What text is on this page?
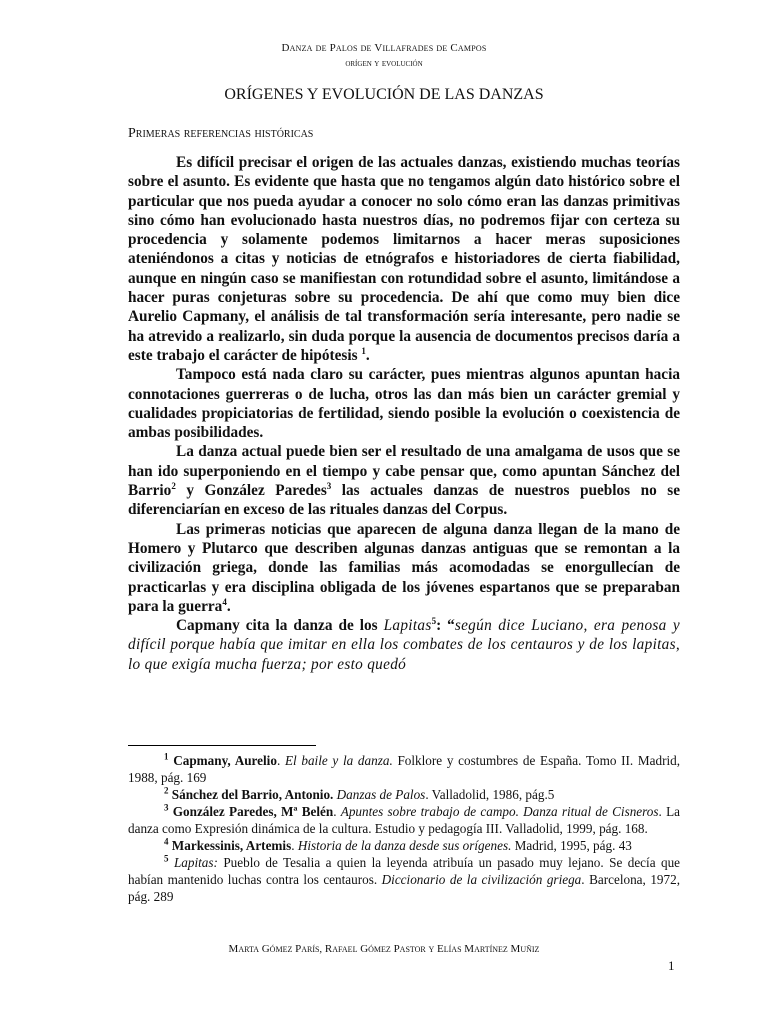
Danza de Palos de Villafrades de Campos
orígen y evolución
ORÍGENES Y EVOLUCIÓN DE LAS DANZAS
Primeras referencias históricas

Es difícil precisar el origen de las actuales danzas, existiendo muchas teorías sobre el asunto. Es evidente que hasta que no tengamos algún dato histórico sobre el particular que nos pueda ayudar a conocer no solo cómo eran las danzas primitivas sino cómo han evolucionado hasta nuestros días, no podremos fijar con certeza su procedencia y solamente podemos limitarnos a hacer meras suposiciones ateniéndonos a citas y noticias de etnógrafos e historiadores de cierta fiabilidad, aunque en ningún caso se manifiestan con rotundidad sobre el asunto, limitándose a hacer puras conjeturas sobre su procedencia. De ahí que como muy bien dice Aurelio Capmany, el análisis de tal transformación sería interesante, pero nadie se ha atrevido a realizarlo, sin duda porque la ausencia de documentos precisos daría a este trabajo el carácter de hipótesis $^1$.

Tampoco está nada claro su carácter, pues mientras algunos apuntan hacia connotaciones guerreras o de lucha, otros las dan más bien un carácter gremial y cualidades propiciatorias de fertilidad, siendo posible la evolución o coexistencia de ambas posibilidades.

La danza actual puede bien ser el resultado de una amalgama de usos que se han ido superponiendo en el tiempo y cabe pensar que, como apuntan Sánchez del Barrio$^2$ y González Paredes$^3$ las actuales danzas de nuestros pueblos no se diferenciarían en exceso de las rituales danzas del Corpus.

Las primeras noticias que aparecen de alguna danza llegan de la mano de Homero y Plutarco que describen algunas danzas antiguas que se remontan a la civilización griega, donde las familias más acomodadas se enorgullecían de practicarlas y era disciplina obligada de los jóvenes espartanos que se preparaban para la guerra$^4$.

Capmany cita la danza de los Lapitas$^5$: “según dice Luciano, era penosa y difícil porque había que imitar en ella los combates de los centauros y de los lapitas, lo que exigía mucha fuerza; por esto quedó

$^1$ Capmany, Aurelio. El baile y la danza. Folklore y costumbres de España. Tomo II. Madrid, 1988, pág. 169

$^2$ Sánchez del Barrio, Antonio. Danzas de Palos. Valladolid, 1986, pág.5

$^3$ González Paredes, Mª Belén. Apuntes sobre trabajo de campo. Danza ritual de Cisneros. La danza como Expresión dinámica de la cultura. Estudio y pedagogía III. Valladolid, 1999, pág. 168.

$^4$ Markessinis, Artemis. Historia de la danza desde sus orígenes. Madrid, 1995, pág. 43

$^5$ Lapitas: Pueblo de Tesalia a quien la leyenda atribuía un pasado muy lejano. Se decía que habían mantenido luchas contra los centauros. Diccionario de la civilización griega. Barcelona, 1972, pág. 289

Marta Gómez París, Rafael Gómez Pastor y Elías Martínez Muñiz
1
